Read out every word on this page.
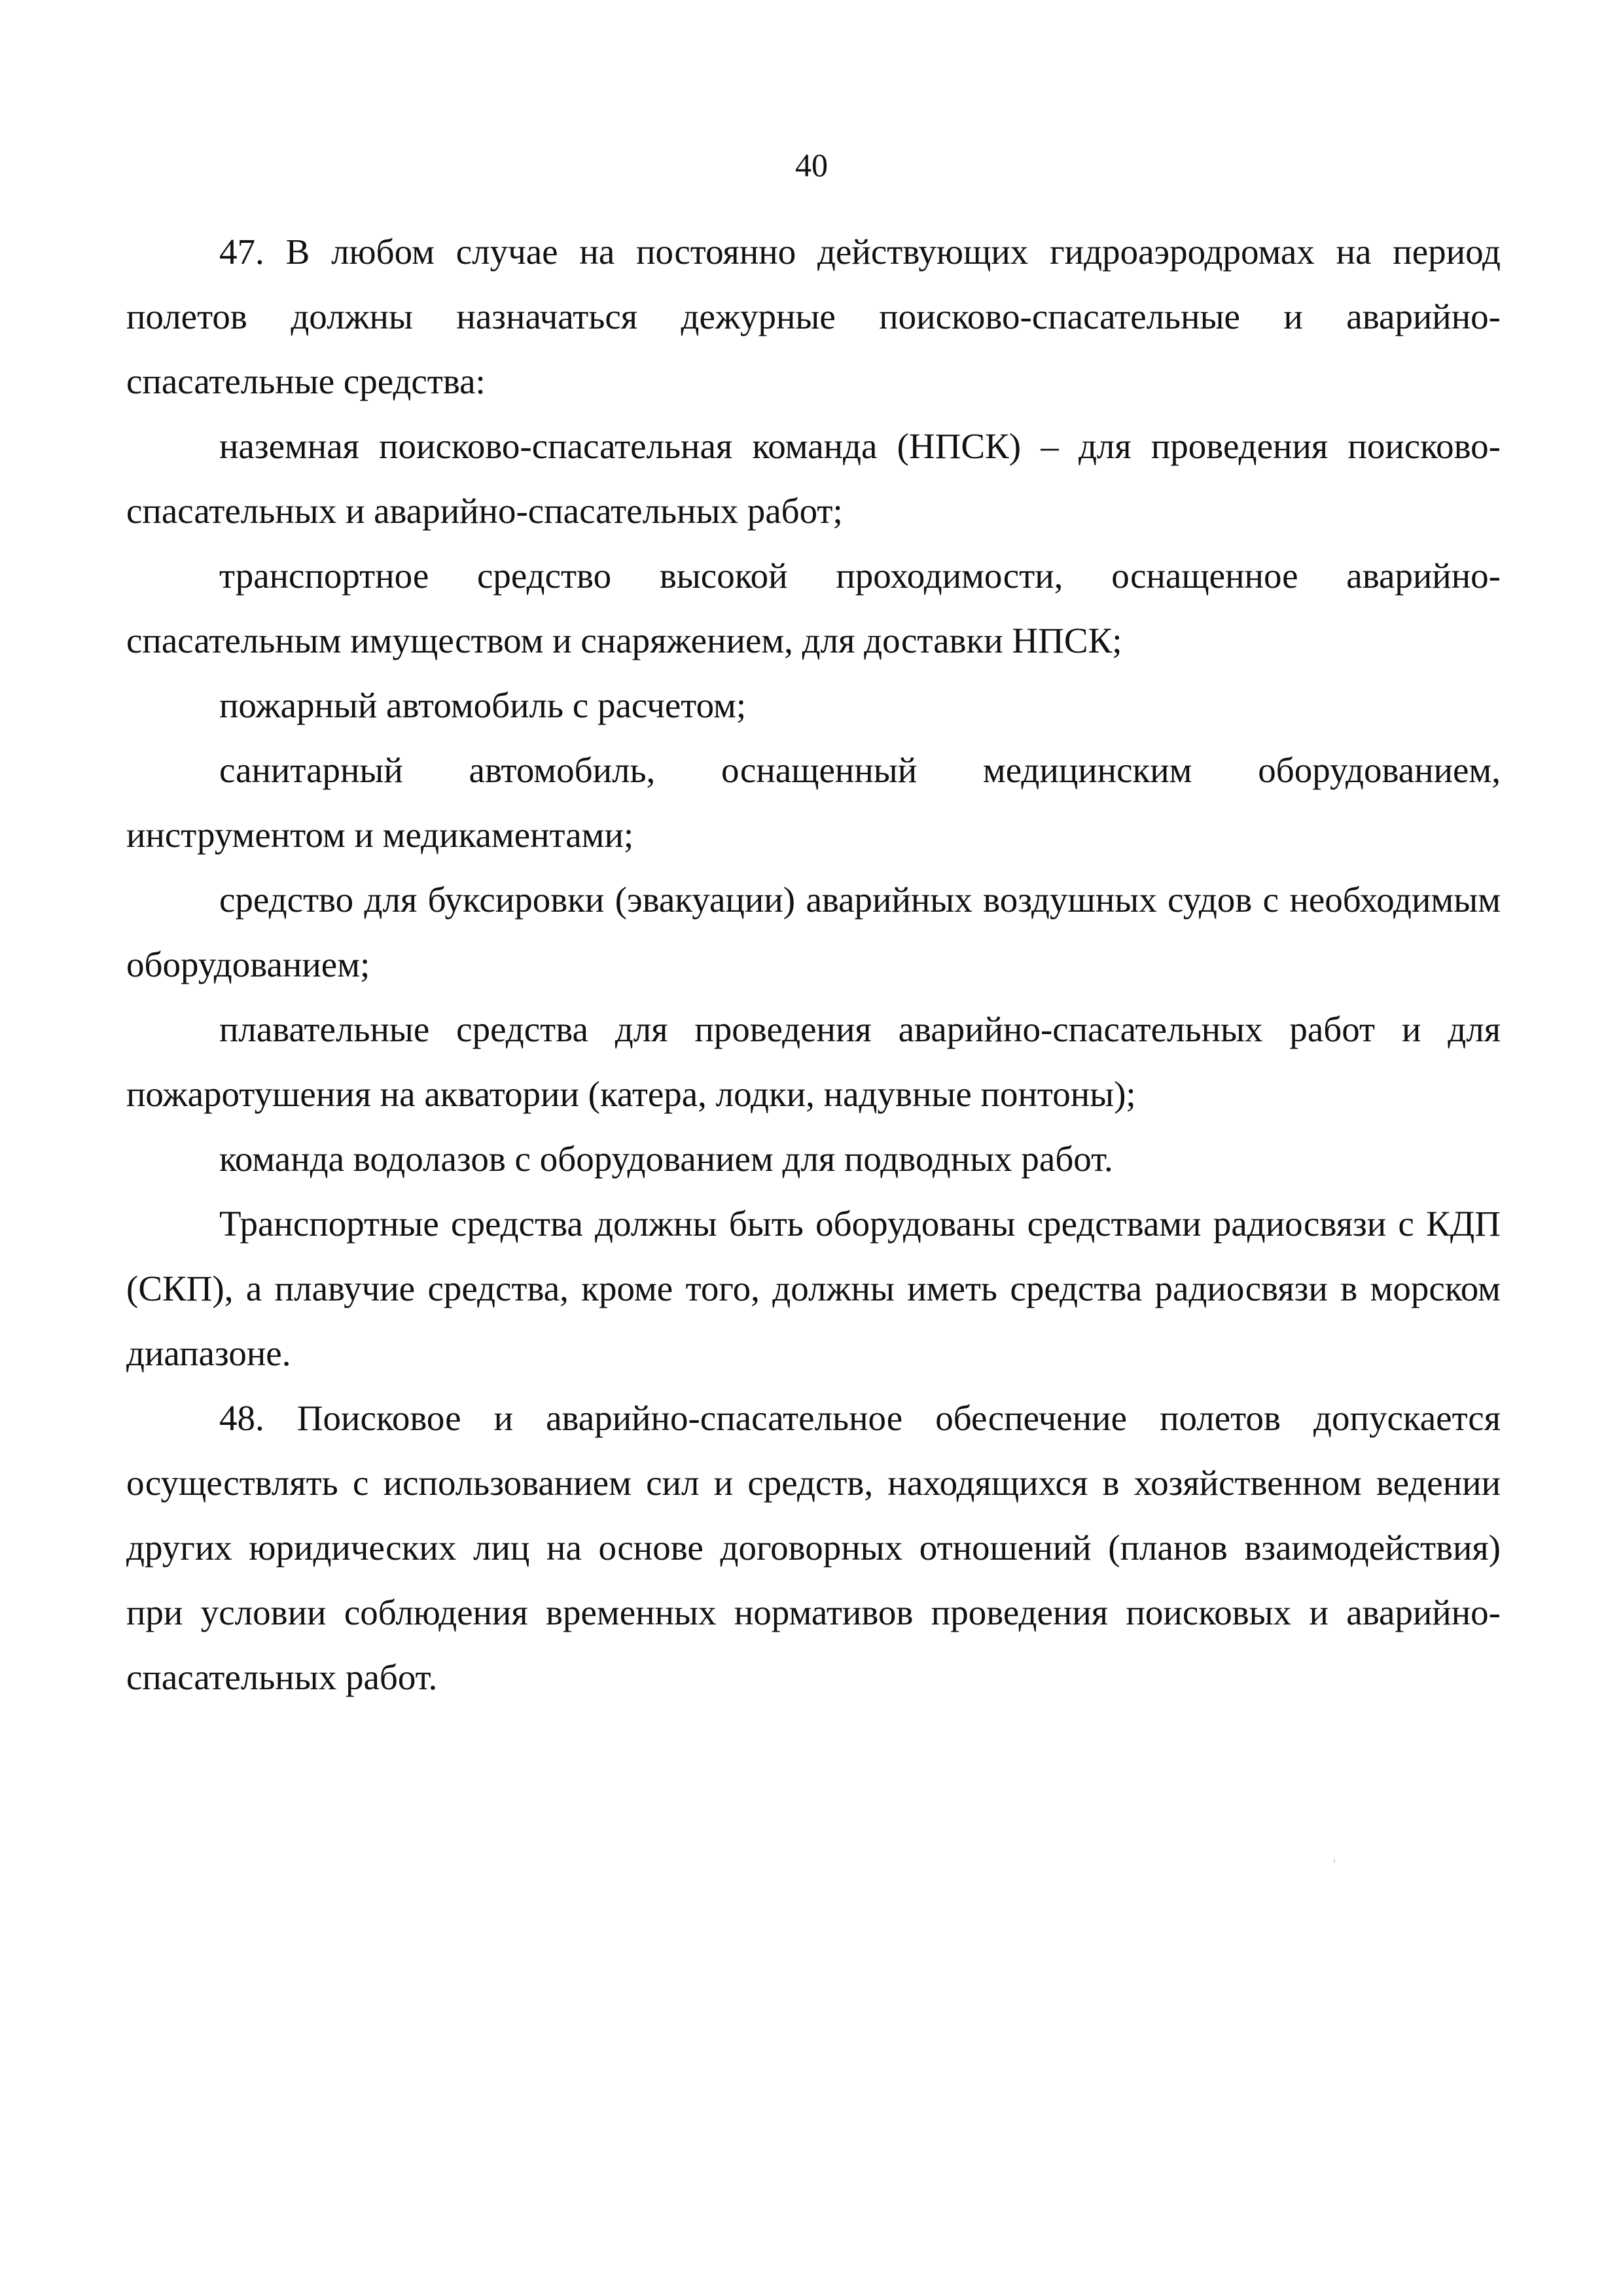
40

47. В любом случае на постоянно действующих гидроаэродромах на период полетов должны назначаться дежурные поисково-спасательные и аварийно-спасательные средства:

наземная поисково-спасательная команда (НПСК) – для проведения поисково-спасательных и аварийно-спасательных работ;

транспортное средство высокой проходимости, оснащенное аварийно-спасательным имуществом и снаряжением, для доставки НПСК;

пожарный автомобиль с расчетом;

санитарный автомобиль, оснащенный медицинским оборудованием, инструментом и медикаментами;

средство для буксировки (эвакуации) аварийных воздушных судов с необходимым оборудованием;

плавательные средства для проведения аварийно-спасательных работ и для пожаротушения на акватории (катера, лодки, надувные понтоны);

команда водолазов с оборудованием для подводных работ.

Транспортные средства должны быть оборудованы средствами радиосвязи с КДП (СКП), а плавучие средства, кроме того, должны иметь средства радиосвязи в морском диапазоне.

48. Поисковое и аварийно-спасательное обеспечение полетов допускается осуществлять с использованием сил и средств, находящихся в хозяйственном ведении других юридических лиц на основе договорных отношений (планов взаимодействия) при условии соблюдения временных нормативов проведения поисковых и аварийно-спасательных работ.
